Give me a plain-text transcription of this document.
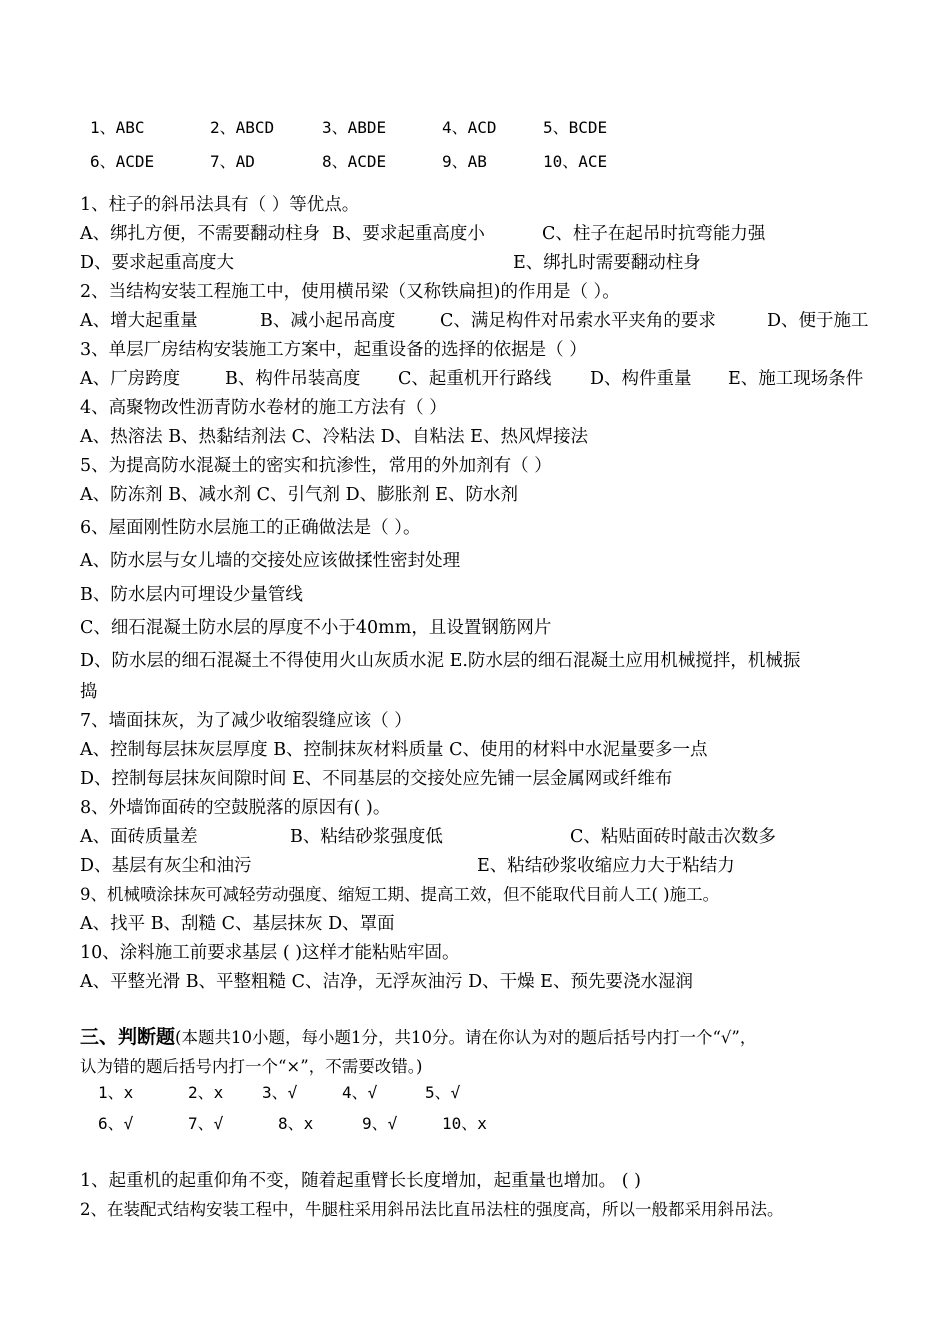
1、ABC	2、ABCD	3、ABDE	4、ACD	5、BCDE
6、ACDE	7、AD	8、ACDE	9、AB	10、ACE
1、柱子的斜吊法具有（ ）等优点。
A、绑扎方便，不需要翻动柱身 B、要求起重高度小	C、柱子在起吊时抗弯能力强
D、要求起重高度大	E、绑扎时需要翻动柱身
2、当结构安装工程施工中，使用横吊梁（又称铁扁担)的作用是（ ）。
A、增大起重量	B、减小起吊高度	C、满足构件对吊索水平夹角的要求	D、便于施工
3、单层厂房结构安装施工方案中，起重设备的选择的依据是（ ）
A、厂房跨度	B、构件吊装高度 C、起重机开行路线 D、构件重量 E、施工现场条件
4、高聚物改性沥青防水卷材的施工方法有（ ）
A、热溶法 B、热黏结剂法 C、冷粘法 D、自粘法 E、热风焊接法
5、为提高防水混凝土的密实和抗渗性，常用的外加剂有（ ）
A、防冻剂 B、减水剂 C、引气剂 D、膨胀剂 E、防水剂
6、屋面刚性防水层施工的正确做法是（ ）。
A、防水层与女儿墙的交接处应该做揉性密封处理
B、防水层内可埋设少量管线
C、细石混凝土防水层的厚度不小于40mm，且设置钢筋网片
D、防水层的细石混凝土不得使用火山灰质水泥 E.防水层的细石混凝土应用机械搅拌，机械振
捣
7、墙面抹灰，为了减少收缩裂缝应该（ ）
A、控制每层抹灰层厚度 B、控制抹灰材料质量 C、使用的材料中水泥量要多一点
D、控制每层抹灰间隙时间 E、不同基层的交接处应先铺一层金属网或纤维布
8、外墙饰面砖的空鼓脱落的原因有( )。
A、面砖质量差	B、粘结砂浆强度低	C、粘贴面砖时敲击次数多
D、基层有灰尘和油污	E、粘结砂浆收缩应力大于粘结力
9、机械喷涂抹灰可减轻劳动强度、缩短工期、提高工效，但不能取代目前人工( )施工。
A、找平 B、刮糙 C、基层抹灰 D、罩面
10、涂料施工前要求基层 ( )这样才能粘贴牢固。
A、平整光滑 B、平整粗糙 C、洁净，无浮灰油污 D、干燥 E、预先要浇水湿润
三、判断题(本题共10小题，每小题1分，共10分。请在你认为对的题后括号内打一个“√”，
认为错的题后括号内打一个“×”，不需要改错。)
1、x	2、x 3、√	4、√	5、√
6、√	7、√	8、x	9、√	10、x
1、起重机的起重仰角不变，随着起重臂长长度增加，起重量也增加。 ( )
2、在装配式结构安装工程中，牛腿柱采用斜吊法比直吊法柱的强度高，所以一般都采用斜吊法。
